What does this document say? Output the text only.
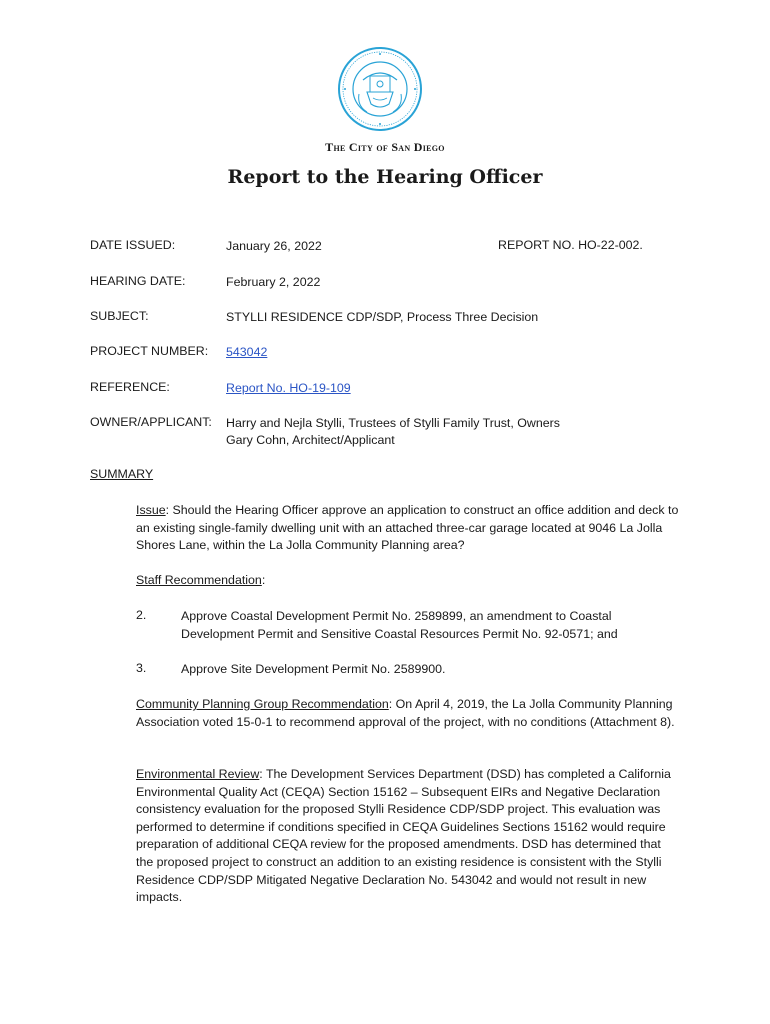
The City of San Diego
Report to the Hearing Officer
DATE ISSUED:	January 26, 2022	REPORT NO. HO-22-002.
HEARING DATE:	February 2, 2022
SUBJECT:	STYLLI RESIDENCE CDP/SDP, Process Three Decision
PROJECT NUMBER: 543042
REFERENCE:	Report No. HO-19-109
OWNER/APPLICANT: Harry and Nejla Stylli, Trustees of Stylli Family Trust, Owners
Gary Cohn, Architect/Applicant
SUMMARY
Issue: Should the Hearing Officer approve an application to construct an office addition and deck to an existing single-family dwelling unit with an attached three-car garage located at 9046 La Jolla Shores Lane, within the La Jolla Community Planning area?
Staff Recommendation:
2.	Approve Coastal Development Permit No. 2589899, an amendment to Coastal Development Permit and Sensitive Coastal Resources Permit No. 92-0571; and
3.	Approve Site Development Permit No. 2589900.
Community Planning Group Recommendation: On April 4, 2019, the La Jolla Community Planning Association voted 15-0-1 to recommend approval of the project, with no conditions (Attachment 8).
Environmental Review: The Development Services Department (DSD) has completed a California Environmental Quality Act (CEQA) Section 15162 – Subsequent EIRs and Negative Declaration consistency evaluation for the proposed Stylli Residence CDP/SDP project. This evaluation was performed to determine if conditions specified in CEQA Guidelines Sections 15162 would require preparation of additional CEQA review for the proposed amendments. DSD has determined that the proposed project to construct an addition to an existing residence is consistent with the Stylli Residence CDP/SDP Mitigated Negative Declaration No. 543042 and would not result in new impacts.
